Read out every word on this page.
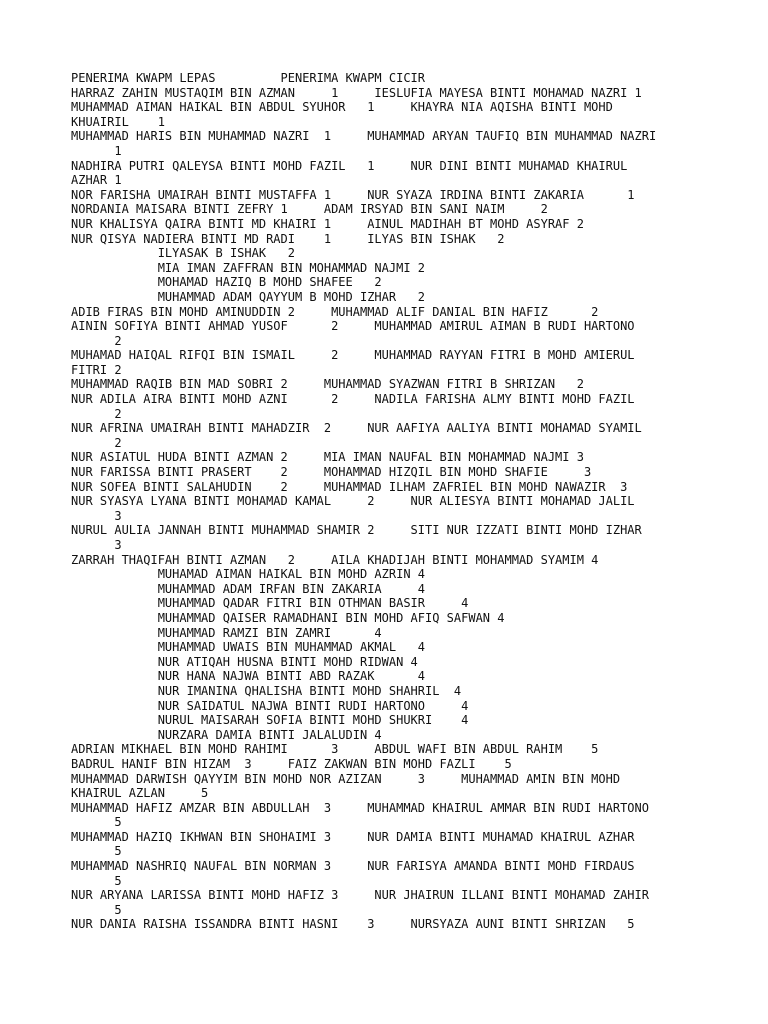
PENERIMA KWAPM LEPAS         PENERIMA KWAPM CICIR
HARRAZ ZAHIN MUSTAQIM BIN AZMAN     1     IESLUFIA MAYESA BINTI MOHAMAD NAZRI 1
MUHAMMAD AIMAN HAIKAL BIN ABDUL SYUHOR   1     KHAYRA NIA AQISHA BINTI MOHD
KHUAIRIL    1
MUHAMMAD HARIS BIN MUHAMMAD NAZRI  1     MUHAMMAD ARYAN TAUFIQ BIN MUHAMMAD NAZRI
1
NADHIRA PUTRI QALEYSA BINTI MOHD FAZIL   1     NUR DINI BINTI MUHAMAD KHAIRUL
AZHAR 1
NOR FARISHA UMAIRAH BINTI MUSTAFFA 1     NUR SYAZA IRDINA BINTI ZAKARIA      1
NORDANIA MAISARA BINTI ZEFRY 1     ADAM IRSYAD BIN SANI NAIM     2
NUR KHALISYA QAIRA BINTI MD KHAIRI 1     AINUL MADIHAH BT MOHD ASYRAF 2
NUR QISYA NADIERA BINTI MD RADI    1     ILYAS BIN ISHAK   2
ILYASAK B ISHAK   2
MIA IMAN ZAFFRAN BIN MOHAMMAD NAJMI 2
MOHAMAD HAZIQ B MOHD SHAFEE   2
MUHAMMAD ADAM QAYYUM B MOHD IZHAR   2
ADIB FIRAS BIN MOHD AMINUDDIN 2     MUHAMMAD ALIF DANIAL BIN HAFIZ      2
AININ SOFIYA BINTI AHMAD YUSOF      2     MUHAMMAD AMIRUL AIMAN B RUDI HARTONO
2
MUHAMAD HAIQAL RIFQI BIN ISMAIL     2     MUHAMMAD RAYYAN FITRI B MOHD AMIERUL
FITRI 2
MUHAMMAD RAQIB BIN MAD SOBRI 2     MUHAMMAD SYAZWAN FITRI B SHRIZAN   2
NUR ADILA AIRA BINTI MOHD AZNI      2     NADILA FARISHA ALMY BINTI MOHD FAZIL
2
NUR AFRINA UMAIRAH BINTI MAHADZIR  2     NUR AAFIYA AALIYA BINTI MOHAMAD SYAMIL
2
NUR ASIATUL HUDA BINTI AZMAN 2     MIA IMAN NAUFAL BIN MOHAMMAD NAJMI 3
NUR FARISSA BINTI PRASERT    2     MOHAMMAD HIZQIL BIN MOHD SHAFIE     3
NUR SOFEA BINTI SALAHUDIN    2     MUHAMMAD ILHAM ZAFRIEL BIN MOHD NAWAZIR  3
NUR SYASYA LYANA BINTI MOHAMAD KAMAL     2     NUR ALIESYA BINTI MOHAMAD JALIL
3
NURUL AULIA JANNAH BINTI MUHAMMAD SHAMIR 2     SITI NUR IZZATI BINTI MOHD IZHAR
3
ZARRAH THAQIFAH BINTI AZMAN   2     AILA KHADIJAH BINTI MOHAMMAD SYAMIM 4
MUHAMAD AIMAN HAIKAL BIN MOHD AZRIN 4
MUHAMMAD ADAM IRFAN BIN ZAKARIA     4
MUHAMMAD QADAR FITRI BIN OTHMAN BASIR     4
MUHAMMAD QAISER RAMADHANI BIN MOHD AFIQ SAFWAN 4
MUHAMMAD RAMZI BIN ZAMRI      4
MUHAMMAD UWAIS BIN MUHAMMAD AKMAL   4
NUR ATIQAH HUSNA BINTI MOHD RIDWAN 4
NUR HANA NAJWA BINTI ABD RAZAK      4
NUR IMANINA QHALISHA BINTI MOHD SHAHRIL  4
NUR SAIDATUL NAJWA BINTI RUDI HARTONO     4
NURUL MAISARAH SOFIA BINTI MOHD SHUKRI    4
NURZARA DAMIA BINTI JALALUDIN 4
ADRIAN MIKHAEL BIN MOHD RAHIMI      3     ABDUL WAFI BIN ABDUL RAHIM    5
BADRUL HANIF BIN HIZAM  3     FAIZ ZAKWAN BIN MOHD FAZLI    5
MUHAMMAD DARWISH QAYYIM BIN MOHD NOR AZIZAN     3     MUHAMMAD AMIN BIN MOHD
KHAIRUL AZLAN     5
MUHAMMAD HAFIZ AMZAR BIN ABDULLAH  3     MUHAMMAD KHAIRUL AMMAR BIN RUDI HARTONO
5
MUHAMMAD HAZIQ IKHWAN BIN SHOHAIMI 3     NUR DAMIA BINTI MUHAMAD KHAIRUL AZHAR
5
MUHAMMAD NASHRIQ NAUFAL BIN NORMAN 3     NUR FARISYA AMANDA BINTI MOHD FIRDAUS
5
NUR ARYANA LARISSA BINTI MOHD HAFIZ 3     NUR JHAIRUN ILLANI BINTI MOHAMAD ZAHIR
5
NUR DANIA RAISHA ISSANDRA BINTI HASNI    3     NURSYAZA AUNI BINTI SHRIZAN   5
